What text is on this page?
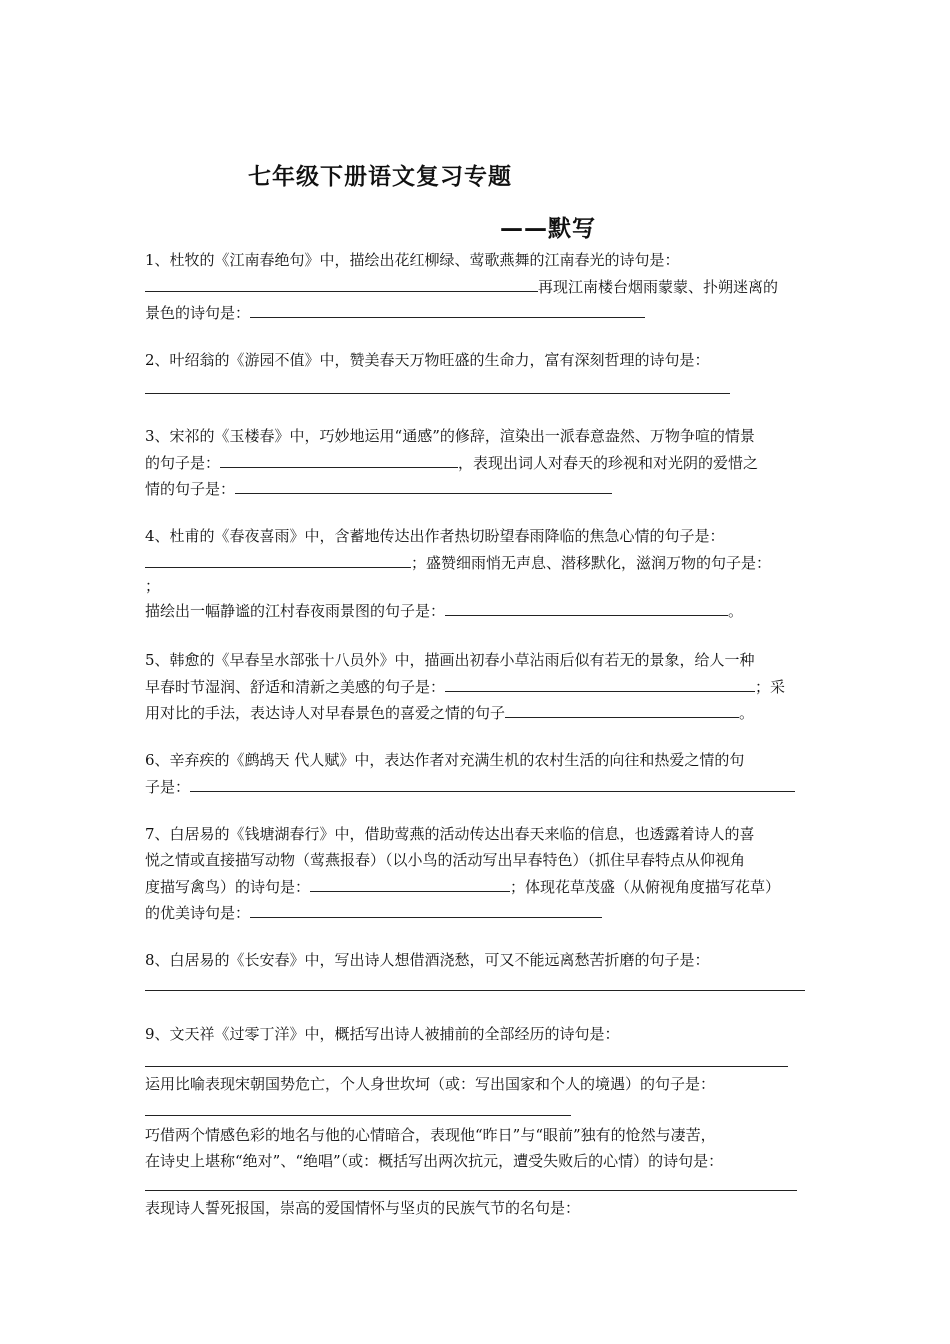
七年级下册语文复习专题
——默写
1、杜牧的《江南春绝句》中，描绘出花红柳绿、莺歌燕舞的江南春光的诗句是：
再现江南楼台烟雨蒙蒙、扑朔迷离的
景色的诗句是：
2、叶绍翁的《游园不值》中，赞美春天万物旺盛的生命力，富有深刻哲理的诗句是：
3、宋祁的《玉楼春》中，巧妙地运用“通感”的修辞，渲染出一派春意盎然、万物争喧的情景
的句子是：	，表现出词人对春天的珍视和对光阴的爱惜之
情的句子是：
4、杜甫的《春夜喜雨》中，含蓄地传达出作者热切盼望春雨降临的焦急心情的句子是：
；盛赞细雨悄无声息、潜移默化，滋润万物的句子是：
；
描绘出一幅静谧的江村春夜雨景图的句子是：	。
5、韩愈的《早春呈水部张十八员外》中，描画出初春小草沾雨后似有若无的景象，给人一种
早春时节湿润、舒适和清新之美感的句子是：	；采
用对比的手法，表达诗人对早春景色的喜爱之情的句子	。
6、辛弃疾的《鹧鸪天 代人赋》中，表达作者对充满生机的农村生活的向往和热爱之情的句
子是：
7、白居易的《钱塘湖春行》中，借助莺燕的活动传达出春天来临的信息，也透露着诗人的喜
悦之情或直接描写动物（莺燕报春）（以小鸟的活动写出早春特色）（抓住早春特点从仰视角
度描写禽鸟）的诗句是：	；体现花草茂盛（从俯视角度描写花草）
的优美诗句是：
8、白居易的《长安春》中，写出诗人想借酒浇愁，可又不能远离愁苦折磨的句子是：
9、文天祥《过零丁洋》中，概括写出诗人被捕前的全部经历的诗句是：
运用比喻表现宋朝国势危亡，个人身世坎坷（或：写出国家和个人的境遇）的句子是：
巧借两个情感色彩的地名与他的心情暗合，表现他“昨日”与“眼前”独有的怆然与凄苦，
在诗史上堪称“绝对”、“绝唱”（或：概括写出两次抗元，遭受失败后的心情）的诗句是：
表现诗人誓死报国，崇高的爱国情怀与坚贞的民族气节的名句是：
